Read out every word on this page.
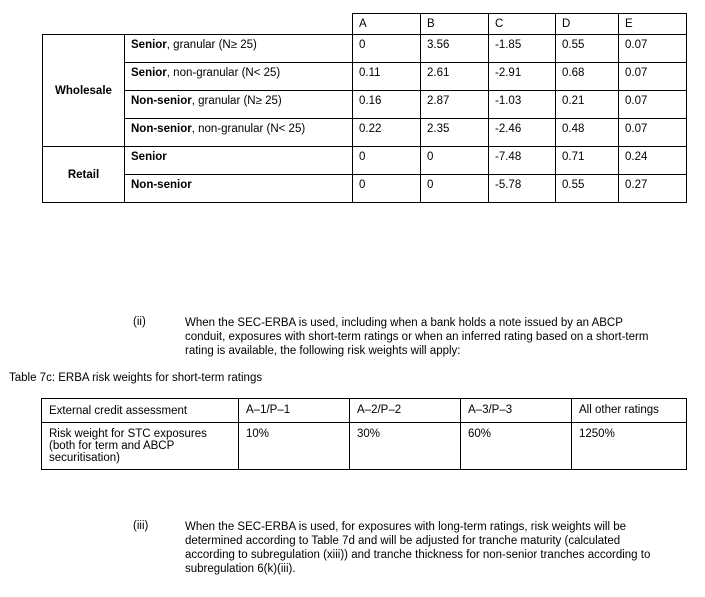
		A	B	C	D	E
Wholesale	Senior, granular (N≥ 25)	0	3.56	-1.85	0.55	0.07
	Senior, non-granular (N< 25)	0.11	2.61	-2.91	0.68	0.07
	Non-senior, granular (N≥ 25)	0.16	2.87	-1.03	0.21	0.07
	Non-senior, non-granular (N< 25)	0.22	2.35	-2.46	0.48	0.07
Retail	Senior	0	0	-7.48	0.71	0.24
	Non-senior	0	0	-5.78	0.55	0.27
(ii)	When the SEC-ERBA is used, including when a bank holds a note issued by an ABCP conduit, exposures with short-term ratings or when an inferred rating based on a short-term rating is available, the following risk weights will apply:
Table 7c: ERBA risk weights for short-term ratings
External credit assessment	A–1/P–1	A–2/P–2	A–3/P–3	All other ratings
Risk weight for STC exposures (both for term and ABCP securitisation)	10%	30%	60%	1250%
(iii)	When the SEC-ERBA is used, for exposures with long-term ratings, risk weights will be determined according to Table 7d and will be adjusted for tranche maturity (calculated according to subregulation (xiii)) and tranche thickness for non-senior tranches according to subregulation 6(k)(iii).
